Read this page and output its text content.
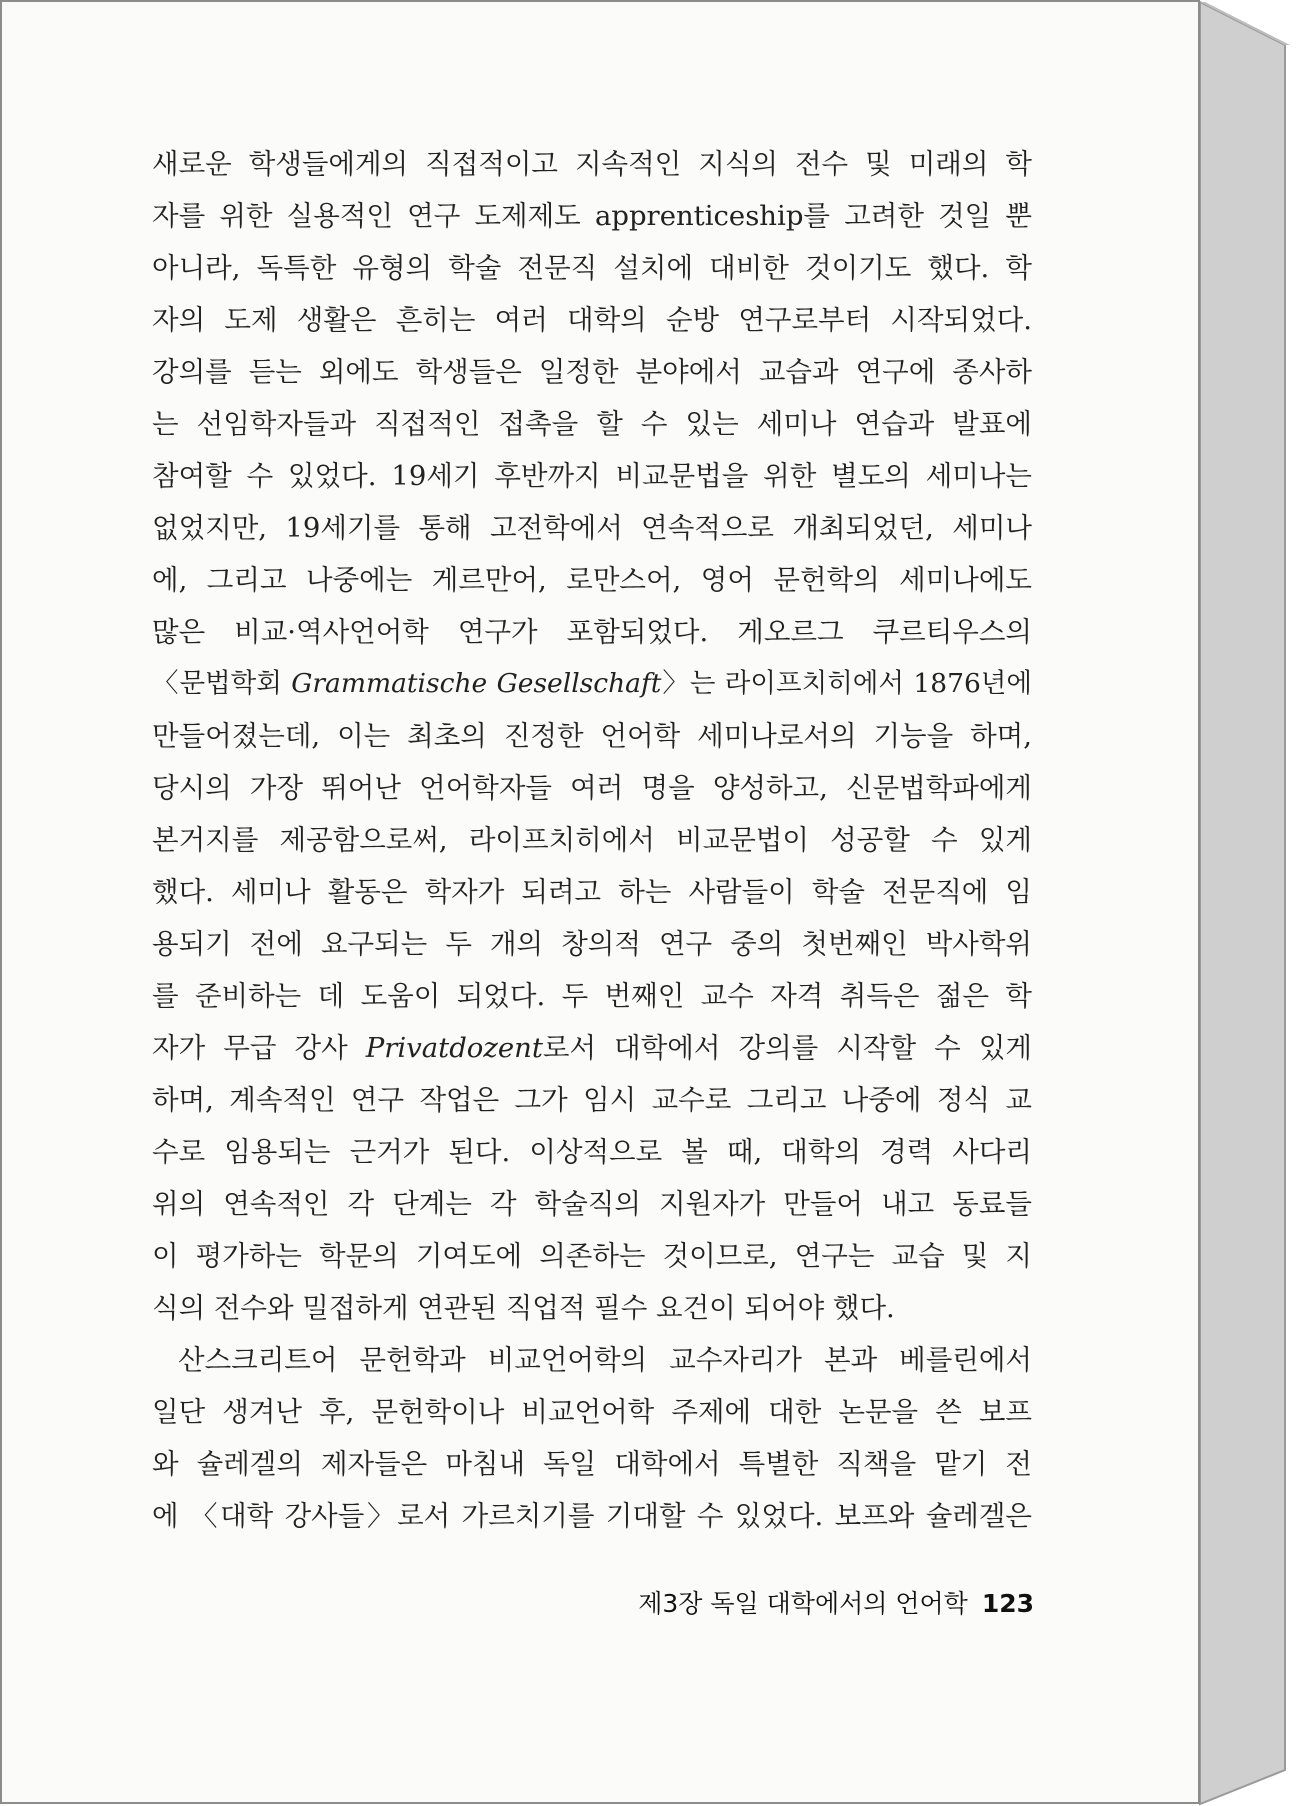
새로운 학생들에게의 직접적이고 지속적인 지식의 전수 및 미래의 학
자를 위한 실용적인 연구 도제제도 apprenticeship를 고려한 것일 뿐
아니라, 독특한 유형의 학술 전문직 설치에 대비한 것이기도 했다. 학
자의 도제 생활은 흔히는 여러 대학의 순방 연구로부터 시작되었다.
강의를 듣는 외에도 학생들은 일정한 분야에서 교습과 연구에 종사하
는 선임학자들과 직접적인 접촉을 할 수 있는 세미나 연습과 발표에
참여할 수 있었다. 19세기 후반까지 비교문법을 위한 별도의 세미나는
없었지만, 19세기를 통해 고전학에서 연속적으로 개최되었던, 세미나
에, 그리고 나중에는 게르만어, 로만스어, 영어 문헌학의 세미나에도
많은 비교·역사언어학 연구가 포함되었다. 게오르그 쿠르티우스의
〈문법학회 Grammatische Gesellschaft〉는 라이프치히에서 1876년에
만들어졌는데, 이는 최초의 진정한 언어학 세미나로서의 기능을 하며,
당시의 가장 뛰어난 언어학자들 여러 명을 양성하고, 신문법학파에게
본거지를 제공함으로써, 라이프치히에서 비교문법이 성공할 수 있게
했다. 세미나 활동은 학자가 되려고 하는 사람들이 학술 전문직에 임
용되기 전에 요구되는 두 개의 창의적 연구 중의 첫번째인 박사학위
를 준비하는 데 도움이 되었다. 두 번째인 교수 자격 취득은 젊은 학
자가 무급 강사 Privatdozent로서 대학에서 강의를 시작할 수 있게
하며, 계속적인 연구 작업은 그가 임시 교수로 그리고 나중에 정식 교
수로 임용되는 근거가 된다. 이상적으로 볼 때, 대학의 경력 사다리
위의 연속적인 각 단계는 각 학술직의 지원자가 만들어 내고 동료들
이 평가하는 학문의 기여도에 의존하는 것이므로, 연구는 교습 및 지
식의 전수와 밀접하게 연관된 직업적 필수 요건이 되어야 했다.
산스크리트어 문헌학과 비교언어학의 교수자리가 본과 베를린에서
일단 생겨난 후, 문헌학이나 비교언어학 주제에 대한 논문을 쓴 보프
와 슐레겔의 제자들은 마침내 독일 대학에서 특별한 직책을 맡기 전
에 〈대학 강사들〉로서 가르치기를 기대할 수 있었다. 보프와 슐레겔은
제3장 독일 대학에서의 언어학 123
